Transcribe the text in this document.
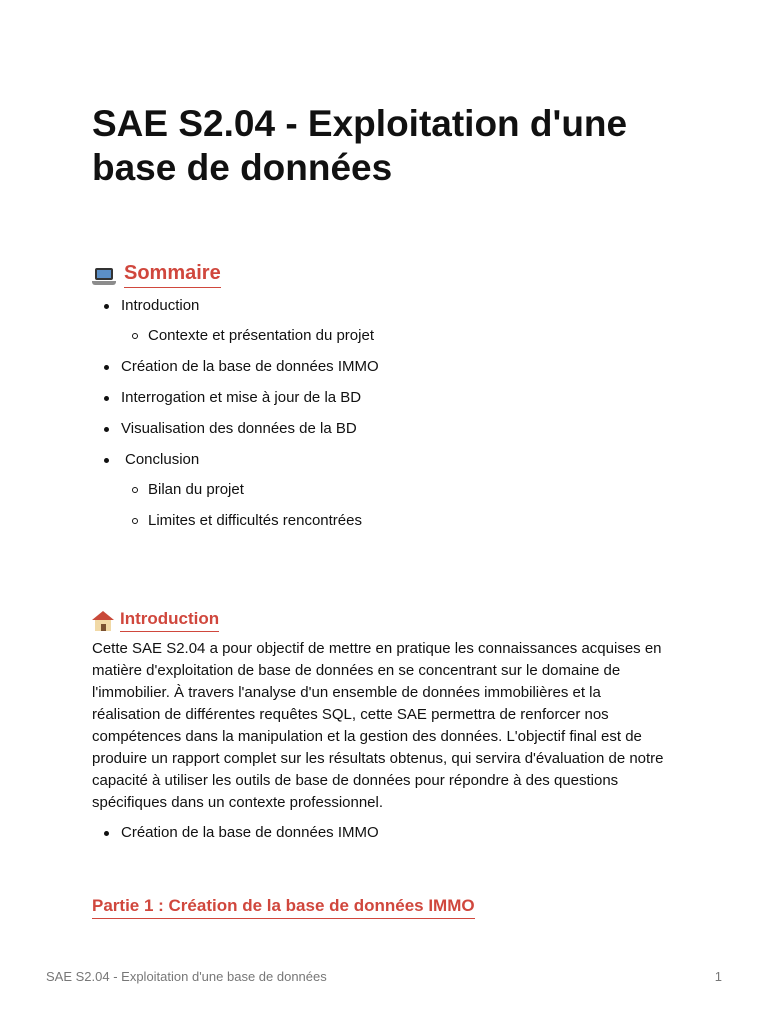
SAE S2.04 - Exploitation d'une base de données
Sommaire
Introduction
Contexte et présentation du projet
Création de la base de données IMMO
Interrogation et mise à jour de la BD
Visualisation des données de la BD
Conclusion
Bilan du projet
Limites et difficultés rencontrées
Introduction

Cette SAE S2.04 a pour objectif de mettre en pratique les connaissances acquises en matière d'exploitation de base de données en se concentrant sur le domaine de l'immobilier. À travers l'analyse d'un ensemble de données immobilières et la réalisation de différentes requêtes SQL, cette SAE permettra de renforcer nos compétences dans la manipulation et la gestion des données. L'objectif final est de produire un rapport complet sur les résultats obtenus, qui servira d'évaluation de notre capacité à utiliser les outils de base de données pour répondre à des questions spécifiques dans un contexte professionnel.

Création de la base de données IMMO
Partie 1 : Création de la base de données IMMO
SAE S2.04 - Exploitation d'une base de données	1
